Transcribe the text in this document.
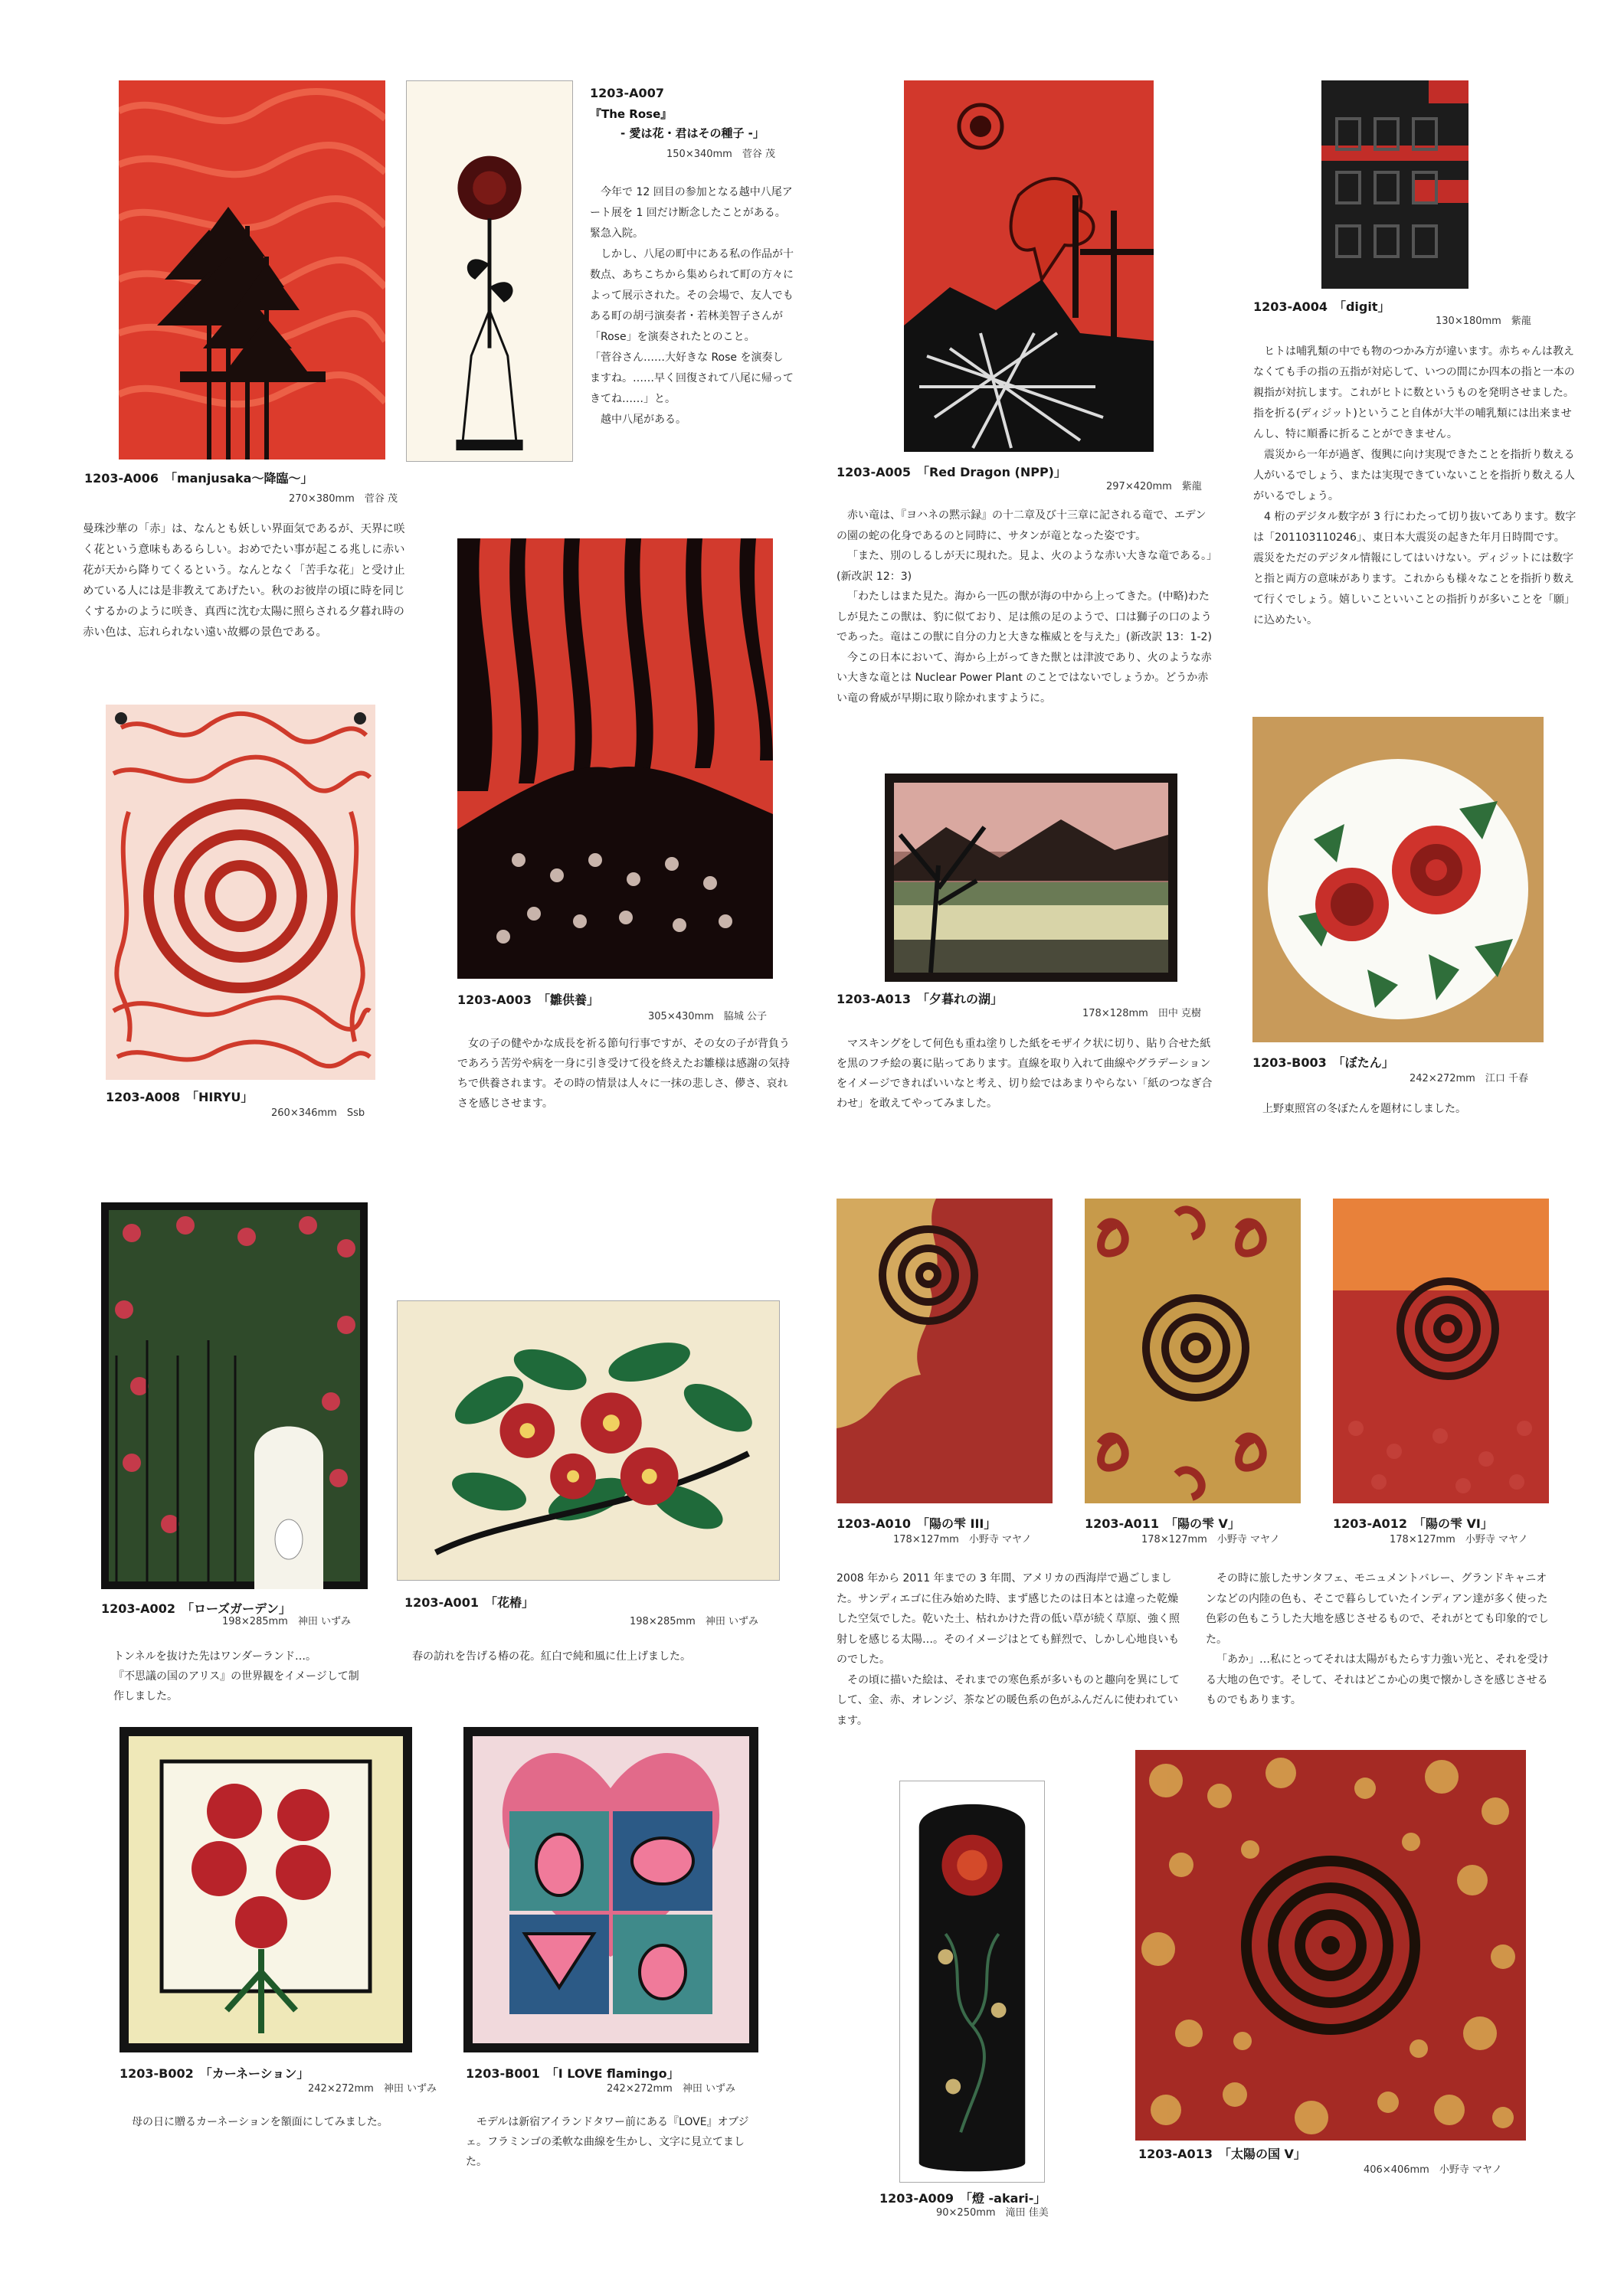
1203-A006　「manjusaka～降臨～」
270×380mm　菅谷 茂

曼珠沙華の「赤」は、なんとも妖しい界面気であるが、天界に咲く花という意味もあるらしい。おめでたい事が起こる兆しに赤い花が天から降りてくるという。なんとなく「苦手な花」と受け止めている人には是非教えてあげたい。秋のお彼岸の頃に時を同じくするかのように咲き、真西に沈む太陽に照らされる夕暮れ時の赤い色は、忘れられない遠い故郷の景色である。

1203-A007
『The Rose』
- 愛は花・君はその種子 -」
150×340mm　菅谷 茂

今年で 12 回目の参加となる越中八尾アート展を 1 回だけ断念したことがある。緊急入院。

しかし、八尾の町中にある私の作品が十数点、あちこちから集められて町の方々によって展示された。その会場で、友人でもある町の胡弓演奏者・若林美智子さんが「Rose」を演奏されたとのこと。

「菅谷さん……大好きな Rose を演奏しますね。……早く回復されて八尾に帰ってきてね……」と。

越中八尾がある。

1203-A005　「Red Dragon (NPP)」
297×420mm　紫龍

赤い竜は、『ヨハネの黙示録』の十二章及び十三章に記される竜で、エデンの園の蛇の化身であるのと同時に、サタンが竜となった姿です。

「また、別のしるしが天に現れた。見よ、火のような赤い大きな竜である。」(新改訳 12：3)

「わたしはまた見た。海から一匹の獣が海の中から上ってきた。(中略)わたしが見たこの獣は、豹に似ており、足は熊の足のようで、口は獅子の口のようであった。竜はこの獣に自分の力と大きな権威とを与えた」(新改訳 13：1-2)

今この日本において、海から上がってきた獣とは津波であり、火のような赤い大きな竜とは Nuclear Power Plant のことではないでしょうか。どうか赤い竜の脅威が早期に取り除かれますように。

1203-A004　「digit」
130×180mm　紫龍

ヒトは哺乳類の中でも物のつかみ方が違います。赤ちゃんは教えなくても手の指の五指が対応して、いつの間にか四本の指と一本の親指が対抗します。これがヒトに数というものを発明させました。指を折る(ディジット)ということ自体が大半の哺乳類には出来ませんし、特に順番に折ることができません。

震災から一年が過ぎ、復興に向け実現できたことを指折り数える人がいるでしょう、または実現できていないことを指折り数える人がいるでしょう。

4 桁のデジタル数字が 3 行にわたって切り抜いてあります。数字は「201103110246」、東日本大震災の起きた年月日時間です。

震災をただのデジタル情報にしてはいけない。ディジットには数字と指と両方の意味があります。これからも様々なことを指折り数えて行くでしょう。嬉しいこといいことの指折りが多いことを「願」に込めたい。

1203-A008　「HIRYU」
260×346mm　Ssb
1203-A003　「雛供養」
305×430mm　脇城 公子

女の子の健やかな成長を祈る節句行事ですが、その女の子が背負うであろう苦労や病を一身に引き受けて役を終えたお雛様は感謝の気持ちで供養されます。その時の情景は人々に一抹の悲しさ、儚さ、哀れさを感じさせます。

1203-A013　「夕暮れの湖」
178×128mm　田中 克樹

マスキングをして何色も重ね塗りした紙をモザイク状に切り、貼り合せた紙を黒のフチ絵の裏に貼ってあります。直線を取り入れて曲線やグラデーションをイメージできればいいなと考え、切り絵ではあまりやらない「紙のつなぎ合わせ」を敢えてやってみました。

1203-B003　「ぼたん」
242×272mm　江口 千春

上野東照宮の冬ぼたんを題材にしました。

1203-A002　「ローズガーデン」
198×285mm　神田 いずみ

トンネルを抜けた先はワンダーランド…。

『不思議の国のアリス』の世界観をイメージして制作しました。

1203-A001　「花椿」
198×285mm　神田 いずみ

春の訪れを告げる椿の花。紅白で純和風に仕上げました。

1203-A010　「陽の雫 III」
178×127mm　小野寺 マヤノ
1203-A011　「陽の雫 V」
178×127mm　小野寺 マヤノ
1203-A012　「陽の雫 VI」
178×127mm　小野寺 マヤノ

2008 年から 2011 年までの 3 年間、アメリカの西海岸で過ごしました。サンディエゴに住み始めた時、まず感じたのは日本とは違った乾燥した空気でした。乾いた土、枯れかけた背の低い草が続く草原、強く照射しを感じる太陽…。そのイメージはとても鮮烈で、しかし心地良いものでした。

その頃に描いた絵は、それまでの寒色系が多いものと趣向を異にしてして、金、赤、オレンジ、茶などの暖色系の色がふんだんに使われています。

その時に旅したサンタフェ、モニュメントバレー、グランドキャニオンなどの内陸の色も、そこで暮らしていたインディアン達が多く使った色彩の色もこうした大地を感じさせるもので、それがとても印象的でした。

「あか」…私にとってそれは太陽がもたらす力強い光と、それを受ける大地の色です。そして、それはどこか心の奥で懐かしさを感じさせるものでもあります。

1203-B002　「カーネーション」
242×272mm　神田 いずみ

母の日に贈るカーネーションを額面にしてみました。

1203-B001　「I LOVE flamingo」
242×272mm　神田 いずみ

モデルは新宿アイランドタワー前にある『LOVE』オブジェ。フラミンゴの柔軟な曲線を生かし、文字に見立てました。

1203-A009　「燈 -akari-」
90×250mm　滝田 佳美
1203-A013　「太陽の国 V」
406×406mm　小野寺 マヤノ
